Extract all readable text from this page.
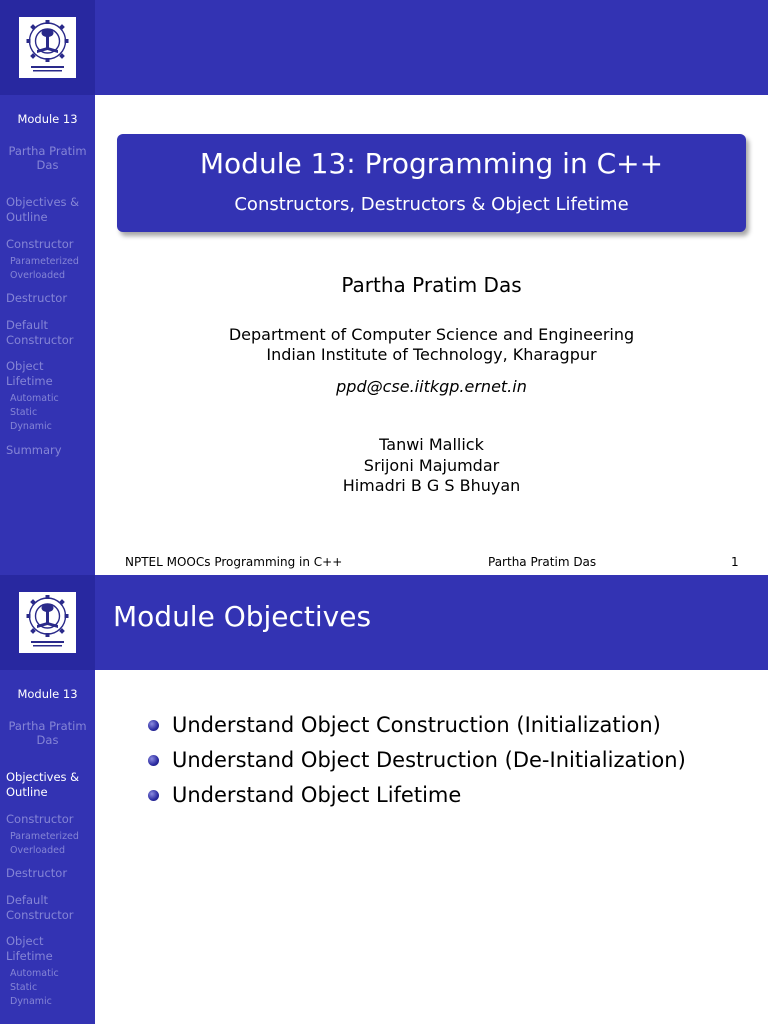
Module 13
Partha Pratim
Das
Objectives &
Outline
Constructor
Parameterized
Overloaded
Destructor
Default
Constructor
Object
Lifetime
Automatic
Static
Dynamic
Summary
Module 13: Programming in C++
Constructors, Destructors & Object Lifetime
Partha Pratim Das
Department of Computer Science and Engineering
Indian Institute of Technology, Kharagpur
ppd@cse.iitkgp.ernet.in
Tanwi Mallick
Srijoni Majumdar
Himadri B G S Bhuyan
NPTEL MOOCs Programming in C++	Partha Pratim Das	1
Module Objectives
Module 13
Partha Pratim
Das
Objectives &
Outline
Constructor
Parameterized
Overloaded
Destructor
Default
Constructor
Object
Lifetime
Automatic
Static
Dynamic
Understand Object Construction (Initialization)
Understand Object Destruction (De-Initialization)
Understand Object Lifetime
